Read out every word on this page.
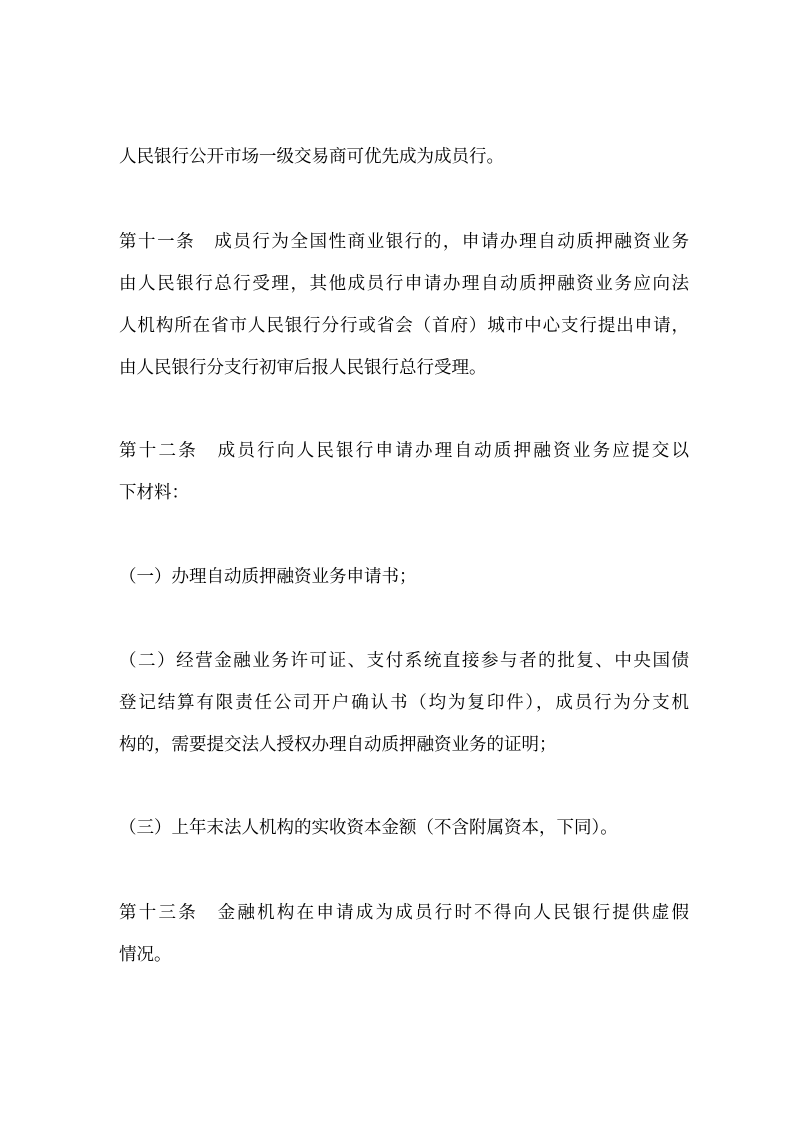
人民银行公开市场一级交易商可优先成为成员行。
第十一条　成员行为全国性商业银行的，申请办理自动质押融资业务
由人民银行总行受理，其他成员行申请办理自动质押融资业务应向法
人机构所在省市人民银行分行或省会（首府）城市中心支行提出申请，
由人民银行分支行初审后报人民银行总行受理。
第十二条　成员行向人民银行申请办理自动质押融资业务应提交以
下材料：
（一）办理自动质押融资业务申请书；
（二）经营金融业务许可证、支付系统直接参与者的批复、中央国债
登记结算有限责任公司开户确认书（均为复印件），成员行为分支机
构的，需要提交法人授权办理自动质押融资业务的证明；
（三）上年末法人机构的实收资本金额（不含附属资本，下同）。
第十三条　金融机构在申请成为成员行时不得向人民银行提供虚假
情况。
